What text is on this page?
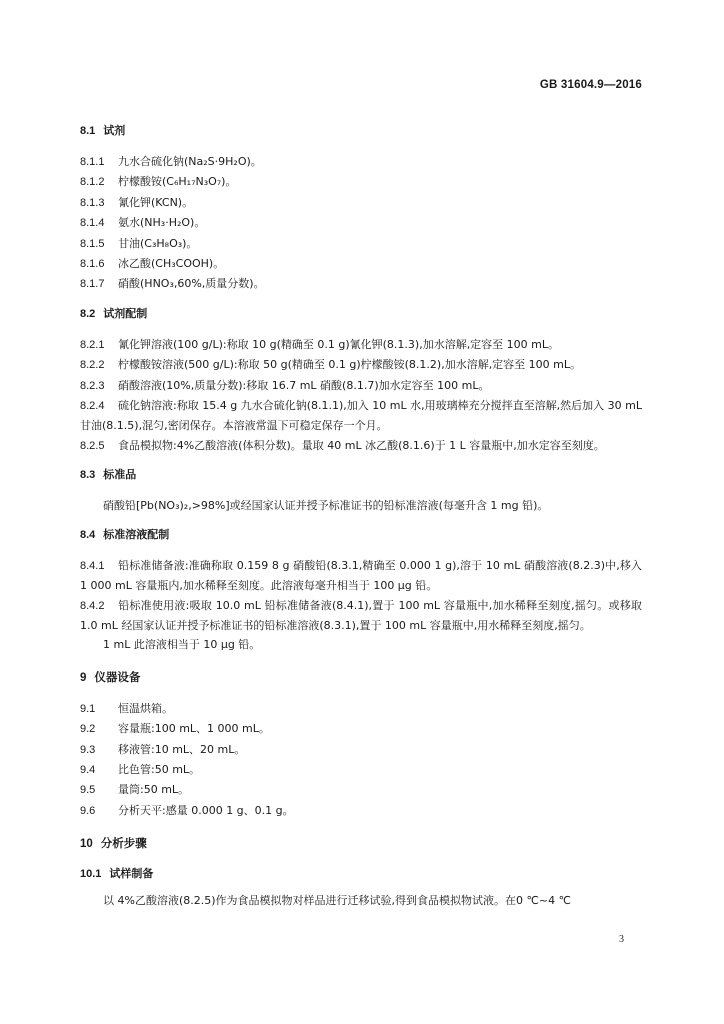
GB 31604.9—2016

8.1 试剂

8.1.1 九水合硫化钠(Na₂S·9H₂O)。

8.1.2 柠檬酸铵(C₆H₁₇N₃O₇)。

8.1.3 氰化钾(KCN)。

8.1.4 氨水(NH₃·H₂O)。

8.1.5 甘油(C₃H₈O₃)。

8.1.6 冰乙酸(CH₃COOH)。

8.1.7 硝酸(HNO₃,60%,质量分数)。

8.2 试剂配制

8.2.1 氰化钾溶液(100 g/L):称取 10 g(精确至 0.1 g)氰化钾(8.1.3),加水溶解,定容至 100 mL。

8.2.2 柠檬酸铵溶液(500 g/L):称取 50 g(精确至 0.1 g)柠檬酸铵(8.1.2),加水溶解,定容至 100 mL。

8.2.3 硝酸溶液(10%,质量分数):移取 16.7 mL 硝酸(8.1.7)加水定容至 100 mL。

8.2.4 硫化钠溶液:称取 15.4 g 九水合硫化钠(8.1.1),加入 10 mL 水,用玻璃棒充分搅拌直至溶解,然后加入 30 mL 甘油(8.1.5),混匀,密闭保存。本溶液常温下可稳定保存一个月。

8.2.5 食品模拟物:4%乙酸溶液(体积分数)。量取 40 mL 冰乙酸(8.1.6)于 1 L 容量瓶中,加水定容至刻度。

8.3 标准品

硝酸铅[Pb(NO₃)₂,>98%]或经国家认证并授予标准证书的铅标准溶液(每毫升含 1 mg 铅)。

8.4 标准溶液配制

8.4.1 铅标准储备液:准确称取 0.159 8 g 硝酸铅(8.3.1,精确至 0.000 1 g),溶于 10 mL 硝酸溶液(8.2.3)中,移入 1 000 mL 容量瓶内,加水稀释至刻度。此溶液每毫升相当于 100 μg 铅。

8.4.2 铅标准使用液:吸取 10.0 mL 铅标准储备液(8.4.1),置于 100 mL 容量瓶中,加水稀释至刻度,摇匀。或移取 1.0 mL 经国家认证并授予标准证书的铅标准溶液(8.3.1),置于 100 mL 容量瓶中,用水稀释至刻度,摇匀。

1 mL 此溶液相当于 10 μg 铅。

9 仪器设备

9.1 恒温烘箱。

9.2 容量瓶:100 mL、1 000 mL。

9.3 移液管:10 mL、20 mL。

9.4 比色管:50 mL。

9.5 量筒:50 mL。

9.6 分析天平:感量 0.000 1 g、0.1 g。

10 分析步骤

10.1 试样制备

以 4%乙酸溶液(8.2.5)作为食品模拟物对样品进行迁移试验,得到食品模拟物试液。在0 ℃~4 ℃

3
